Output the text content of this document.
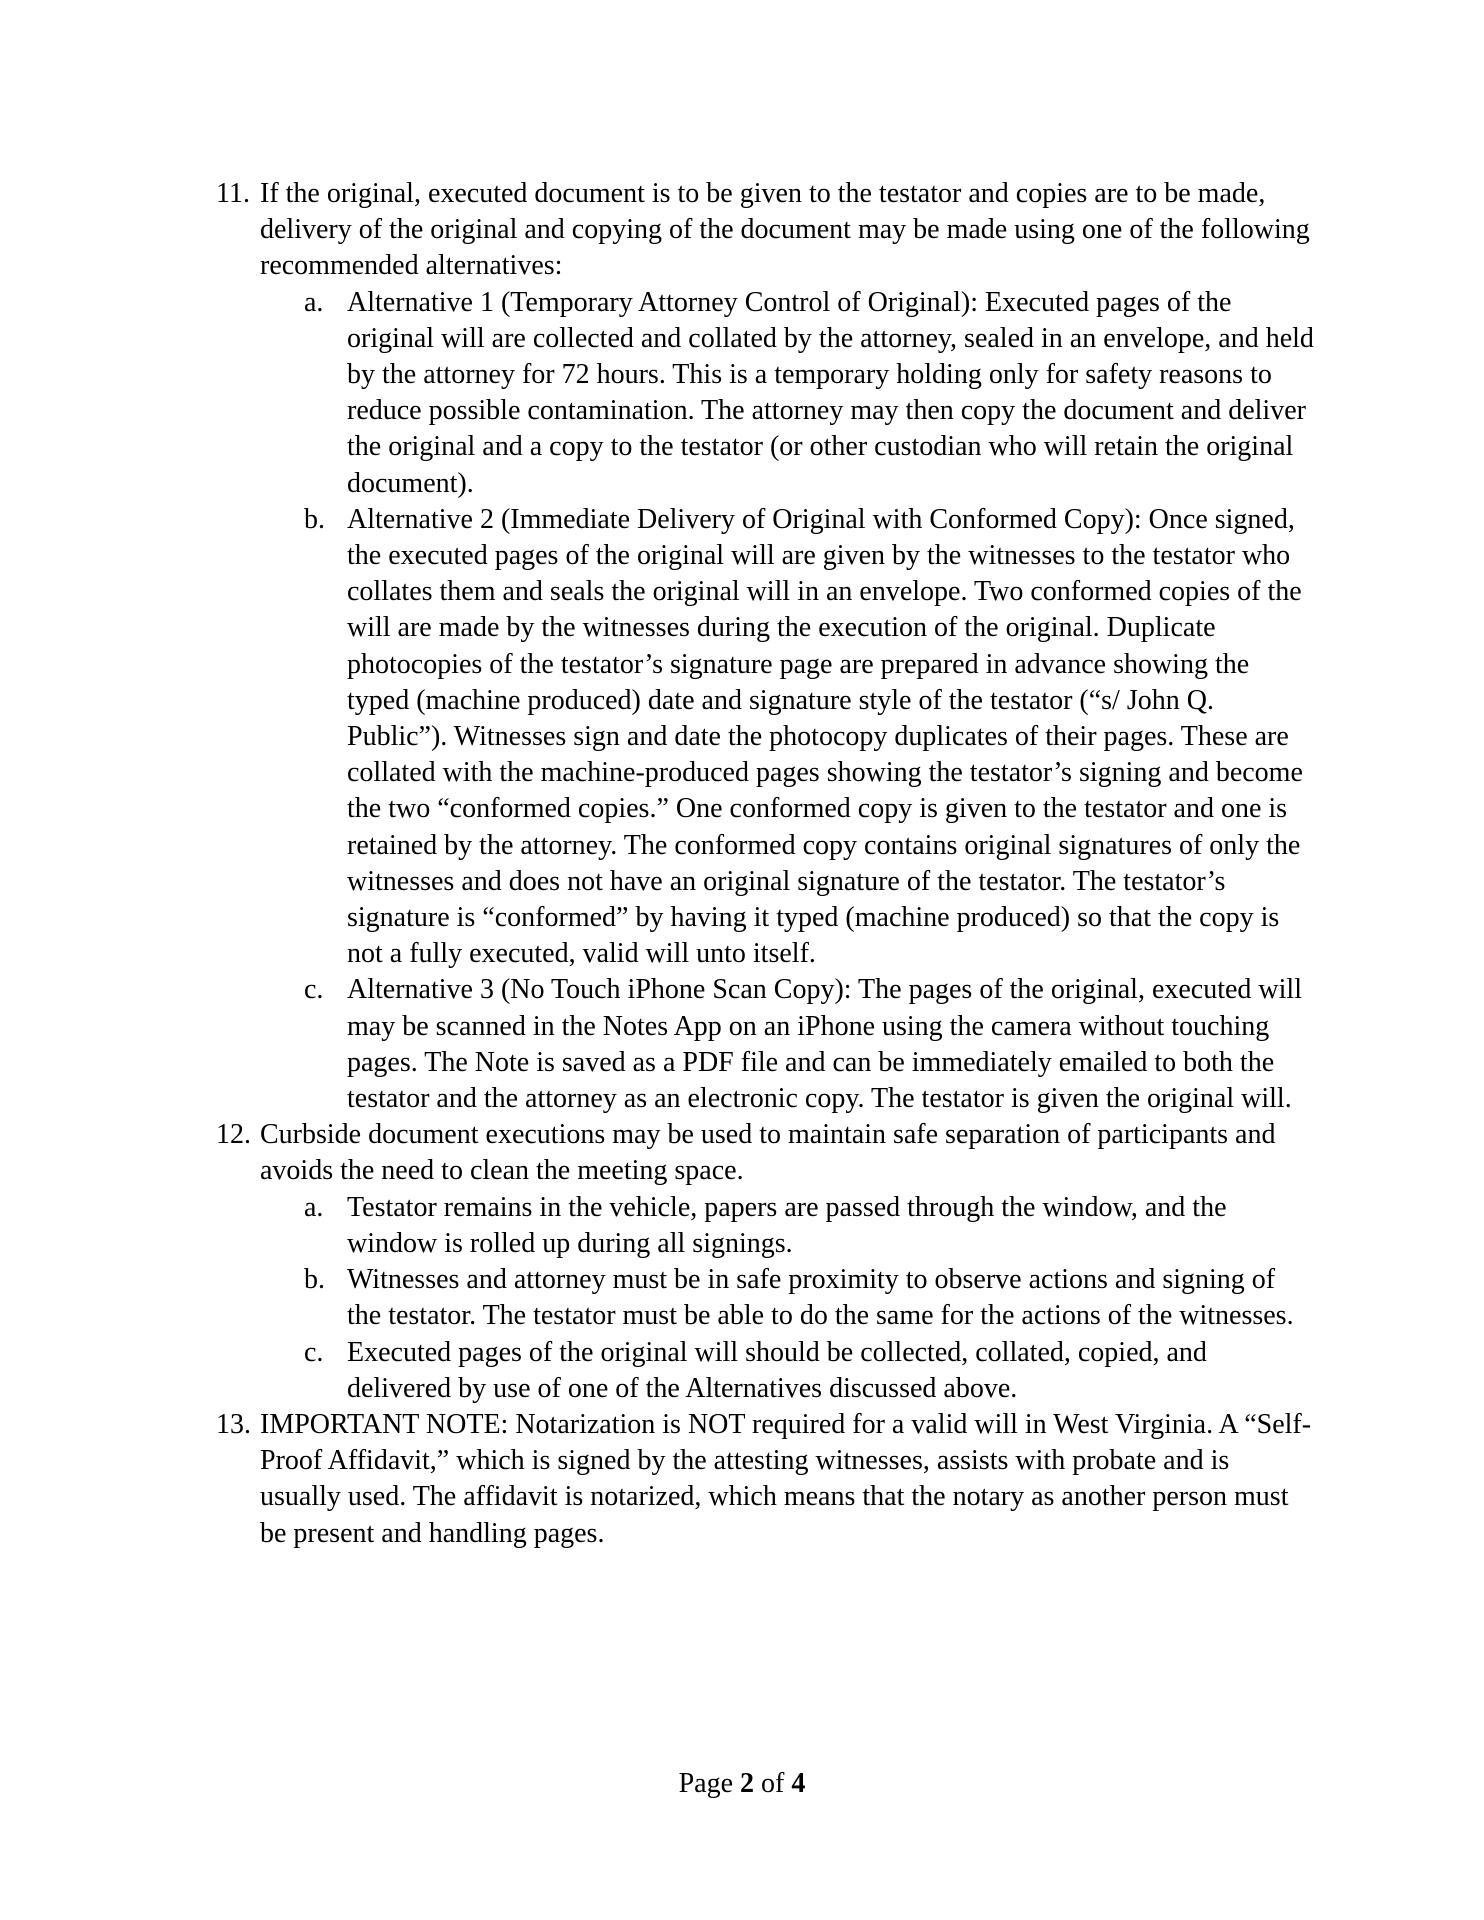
11. If the original, executed document is to be given to the testator and copies are to be made, delivery of the original and copying of the document may be made using one of the following recommended alternatives:
a. Alternative 1 (Temporary Attorney Control of Original): Executed pages of the original will are collected and collated by the attorney, sealed in an envelope, and held by the attorney for 72 hours. This is a temporary holding only for safety reasons to reduce possible contamination. The attorney may then copy the document and deliver the original and a copy to the testator (or other custodian who will retain the original document).
b. Alternative 2 (Immediate Delivery of Original with Conformed Copy): Once signed, the executed pages of the original will are given by the witnesses to the testator who collates them and seals the original will in an envelope. Two conformed copies of the will are made by the witnesses during the execution of the original. Duplicate photocopies of the testator’s signature page are prepared in advance showing the typed (machine produced) date and signature style of the testator (“s/ John Q. Public”). Witnesses sign and date the photocopy duplicates of their pages. These are collated with the machine-produced pages showing the testator’s signing and become the two “conformed copies.” One conformed copy is given to the testator and one is retained by the attorney. The conformed copy contains original signatures of only the witnesses and does not have an original signature of the testator. The testator’s signature is “conformed” by having it typed (machine produced) so that the copy is not a fully executed, valid will unto itself.
c. Alternative 3 (No Touch iPhone Scan Copy): The pages of the original, executed will may be scanned in the Notes App on an iPhone using the camera without touching pages. The Note is saved as a PDF file and can be immediately emailed to both the testator and the attorney as an electronic copy. The testator is given the original will.
12. Curbside document executions may be used to maintain safe separation of participants and avoids the need to clean the meeting space.
a. Testator remains in the vehicle, papers are passed through the window, and the window is rolled up during all signings.
b. Witnesses and attorney must be in safe proximity to observe actions and signing of the testator. The testator must be able to do the same for the actions of the witnesses.
c. Executed pages of the original will should be collected, collated, copied, and delivered by use of one of the Alternatives discussed above.
13. IMPORTANT NOTE: Notarization is NOT required for a valid will in West Virginia. A “Self-Proof Affidavit,” which is signed by the attesting witnesses, assists with probate and is usually used. The affidavit is notarized, which means that the notary as another person must be present and handling pages.
Page 2 of 4
